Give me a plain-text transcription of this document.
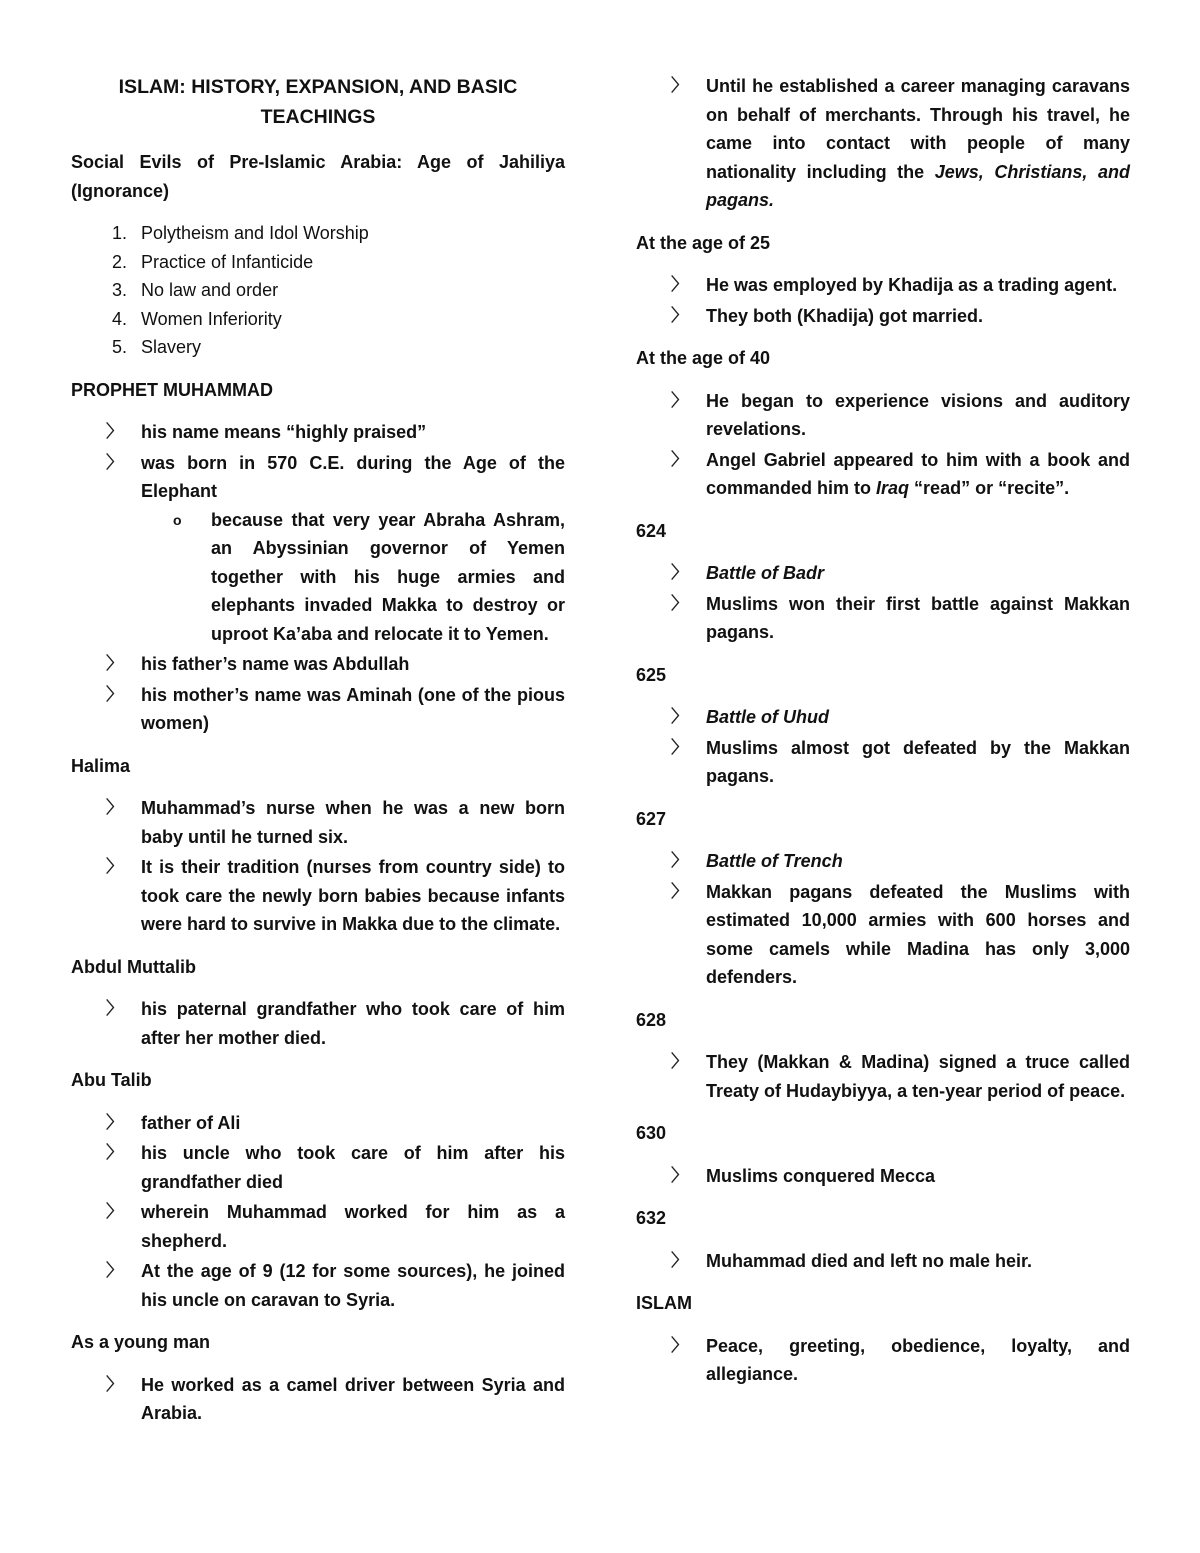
ISLAM: HISTORY, EXPANSION, AND BASIC
TEACHINGS
Social Evils of Pre-Islamic Arabia: Age of Jahiliya (Ignorance)
1. Polytheism and Idol Worship
2. Practice of Infanticide
3. No law and order
4. Women Inferiority
5. Slavery
PROPHET MUHAMMAD
〉 his name means “highly praised”
〉 was born in 570 C.E. during the Age of the Elephant
o because that very year Abraha Ashram, an Abyssinian governor of Yemen together with his huge armies and elephants invaded Makka to destroy or uproot Ka’aba and relocate it to Yemen.
〉 his father’s name was Abdullah
〉 his mother’s name was Aminah (one of the pious women)
Halima
〉 Muhammad’s nurse when he was a new born baby until he turned six.
〉 It is their tradition (nurses from country side) to took care the newly born babies because infants were hard to survive in Makka due to the climate.
Abdul Muttalib
〉 his paternal grandfather who took care of him after her mother died.
Abu Talib
〉 father of Ali
〉 his uncle who took care of him after his grandfather died
〉 wherein Muhammad worked for him as a shepherd.
〉 At the age of 9 (12 for some sources), he joined his uncle on caravan to Syria.
As a young man
〉 He worked as a camel driver between Syria and Arabia.
〉 Until he established a career managing caravans on behalf of merchants. Through his travel, he came into contact with people of many nationality including the Jews, Christians, and pagans.
At the age of 25
〉 He was employed by Khadija as a trading agent.
〉 They both (Khadija) got married.
At the age of 40
〉 He began to experience visions and auditory revelations.
〉 Angel Gabriel appeared to him with a book and commanded him to Iraq “read” or “recite”.
624
〉 Battle of Badr
〉 Muslims won their first battle against Makkan pagans.
625
〉 Battle of Uhud
〉 Muslims almost got defeated by the Makkan pagans.
627
〉 Battle of Trench
〉 Makkan pagans defeated the Muslims with estimated 10,000 armies with 600 horses and some camels while Madina has only 3,000 defenders.
628
〉 They (Makkan & Madina) signed a truce called Treaty of Hudaybiyya, a ten-year period of peace.
630
〉 Muslims conquered Mecca
632
〉 Muhammad died and left no male heir.
ISLAM
〉 Peace, greeting, obedience, loyalty, and allegiance.
